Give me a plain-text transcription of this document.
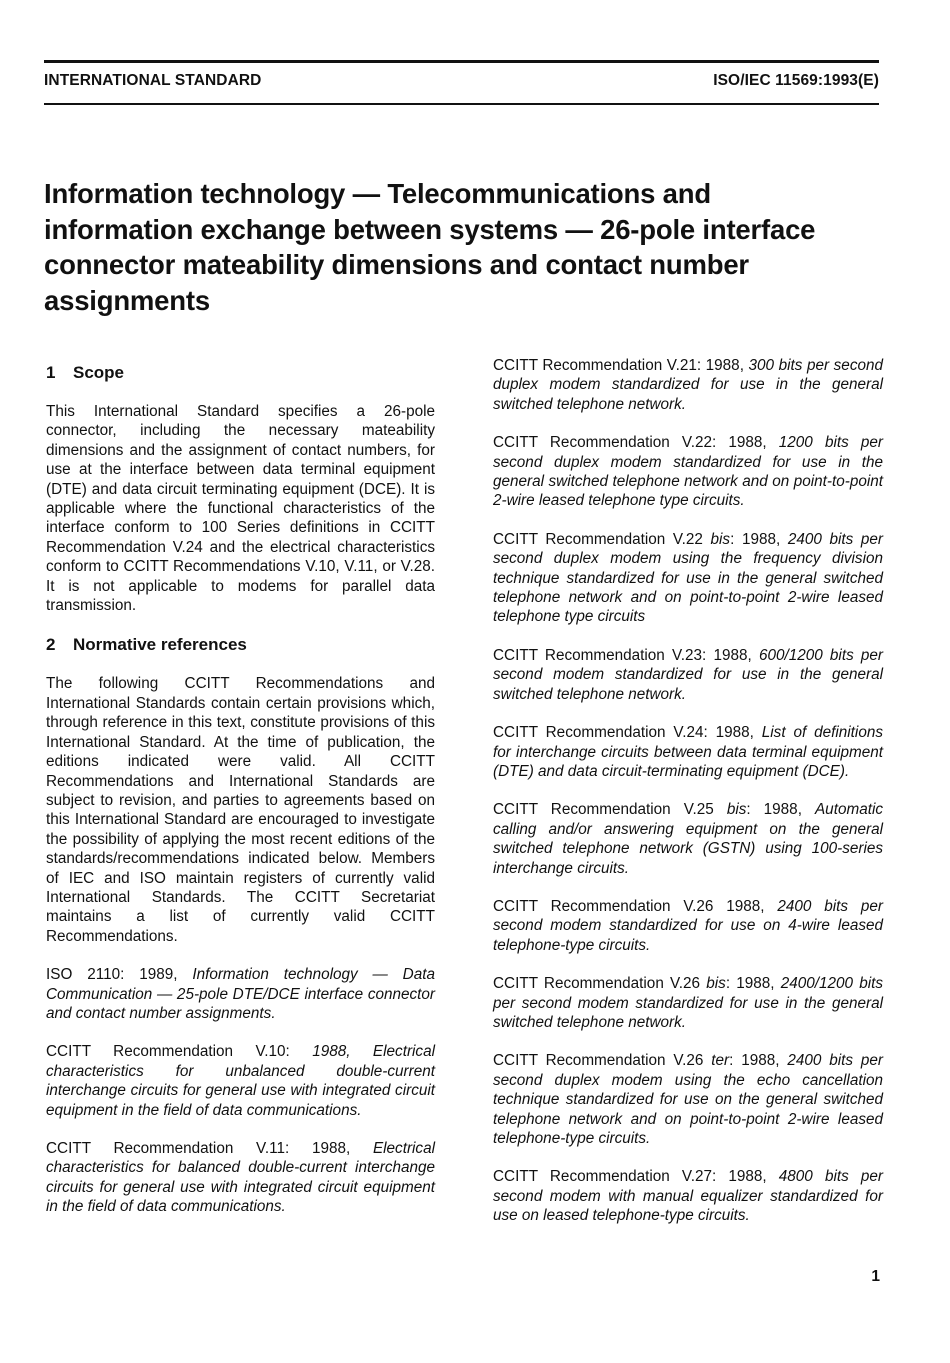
INTERNATIONAL STANDARD	ISO/IEC 11569:1993(E)
Information technology — Telecommunications and information exchange between systems — 26-pole interface connector mateability dimensions and contact number assignments
1 Scope

This International Standard specifies a 26-pole connector, including the necessary mateability dimensions and the assignment of contact numbers, for use at the interface between data terminal equipment (DTE) and data circuit terminating equipment (DCE). It is applicable where the functional characteristics of the interface conform to 100 Series definitions in CCITT Recommendation V.24 and the electrical characteristics conform to CCITT Recommendations V.10, V.11, or V.28. It is not applicable to modems for parallel data transmission.

2 Normative references

The following CCITT Recommendations and International Standards contain certain provisions which, through reference in this text, constitute provisions of this International Standard. At the time of publication, the editions indicated were valid. All CCITT Recommendations and International Standards are subject to revision, and parties to agreements based on this International Standard are encouraged to investigate the possibility of applying the most recent editions of the standards/recommendations indicated below. Members of IEC and ISO maintain registers of currently valid International Standards. The CCITT Secretariat maintains a list of currently valid CCITT Recommendations.

ISO 2110: 1989, Information technology — Data Communication — 25-pole DTE/DCE interface connector and contact number assignments.

CCITT Recommendation V.10: 1988, Electrical characteristics for unbalanced double-current interchange circuits for general use with integrated circuit equipment in the field of data communications.

CCITT Recommendation V.11: 1988, Electrical characteristics for balanced double-current interchange circuits for general use with integrated circuit equipment in the field of data communications.

CCITT Recommendation V.21: 1988, 300 bits per second duplex modem standardized for use in the general switched telephone network.

CCITT Recommendation V.22: 1988, 1200 bits per second duplex modem standardized for use in the general switched telephone network and on point-to-point 2-wire leased telephone type circuits.

CCITT Recommendation V.22 bis: 1988, 2400 bits per second duplex modem using the frequency division technique standardized for use in the general switched telephone network and on point-to-point 2-wire leased telephone type circuits

CCITT Recommendation V.23: 1988, 600/1200 bits per second modem standardized for use in the general switched telephone network.

CCITT Recommendation V.24: 1988, List of definitions for interchange circuits between data terminal equipment (DTE) and data circuit-terminating equipment (DCE).

CCITT Recommendation V.25 bis: 1988, Automatic calling and/or answering equipment on the general switched telephone network (GSTN) using 100-series interchange circuits.

CCITT Recommendation V.26 1988, 2400 bits per second modem standardized for use on 4-wire leased telephone-type circuits.

CCITT Recommendation V.26 bis: 1988, 2400/1200 bits per second modem standardized for use in the general switched telephone network.

CCITT Recommendation V.26 ter: 1988, 2400 bits per second duplex modem using the echo cancellation technique standardized for use on the general switched telephone network and on point-to-point 2-wire leased telephone-type circuits.

CCITT Recommendation V.27: 1988, 4800 bits per second modem with manual equalizer standardized for use on leased telephone-type circuits.

1
